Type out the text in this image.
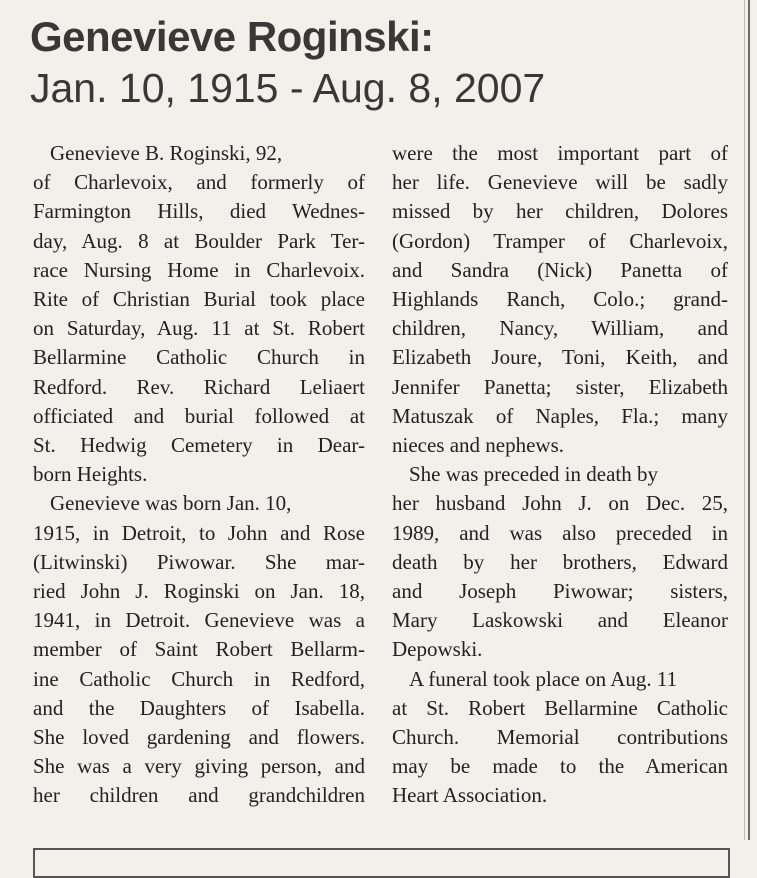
Genevieve Roginski:
Jan. 10, 1915 - Aug. 8, 2007
Genevieve B. Roginski, 92,
of Charlevoix, and formerly of
Farmington Hills, died Wednes-
day, Aug. 8 at Boulder Park Ter-
race Nursing Home in Charlevoix.
Rite of Christian Burial took place
on Saturday, Aug. 11 at St. Robert
Bellarmine Catholic Church in
Redford. Rev. Richard Leliaert
officiated and burial followed at
St. Hedwig Cemetery in Dear-
born Heights.
Genevieve was born Jan. 10,
1915, in Detroit, to John and Rose
(Litwinski) Piwowar. She mar-
ried John J. Roginski on Jan. 18,
1941, in Detroit. Genevieve was a
member of Saint Robert Bellarm-
ine Catholic Church in Redford,
and the Daughters of Isabella.
She loved gardening and flowers.
She was a very giving person, and
her children and grandchildren
were the most important part of
her life. Genevieve will be sadly
missed by her children, Dolores
(Gordon) Tramper of Charlevoix,
and Sandra (Nick) Panetta of
Highlands Ranch, Colo.; grand-
children, Nancy, William, and
Elizabeth Joure, Toni, Keith, and
Jennifer Panetta; sister, Elizabeth
Matuszak of Naples, Fla.; many
nieces and nephews.
She was preceded in death by
her husband John J. on Dec. 25,
1989, and was also preceded in
death by her brothers, Edward
and Joseph Piwowar; sisters,
Mary Laskowski and Eleanor
Depowski.
A funeral took place on Aug. 11
at St. Robert Bellarmine Catholic
Church. Memorial contributions
may be made to the American
Heart Association.
